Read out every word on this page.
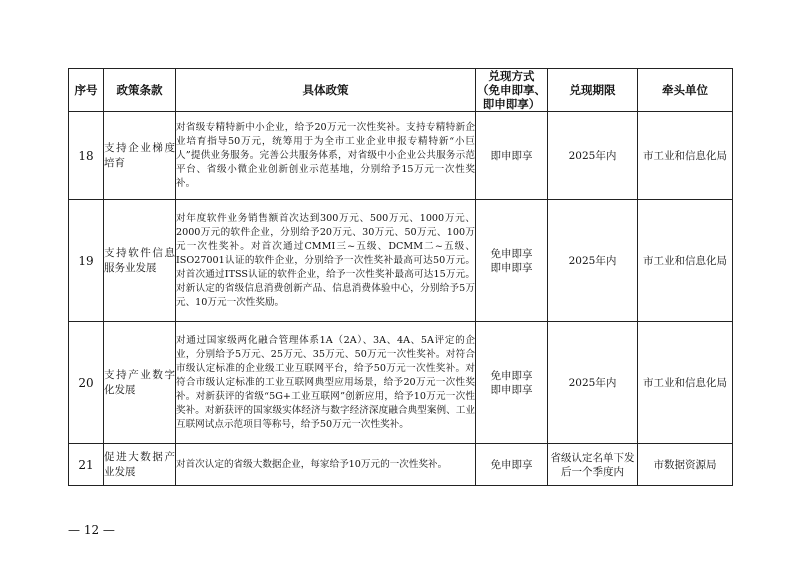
序号	政策条款	具体政策	兑现方式
（免申即享、
即申即享）	兑现期限	牵头单位
18	支持企业梯度培育	对省级专精特新中小企业，给予20万元一次性奖补。支持专精特新企业培育指导50万元，统筹用于为全市工业企业申报专精特新“小巨人”提供业务服务。完善公共服务体系，对省级中小企业公共服务示范平台、省级小微企业创新创业示范基地，分别给予15万元一次性奖补。	即申即享	2025年内	市工业和信息化局
19	支持软件信息服务业发展	对年度软件业务销售额首次达到300万元、500万元、1000万元、2000万元的软件企业，分别给予20万元、30万元、50万元、100万元一次性奖补。对首次通过CMMI三~五级、DCMM二~五级、ISO27001认证的软件企业，分别给予一次性奖补最高可达50万元。对首次通过ITSS认证的软件企业，给予一次性奖补最高可达15万元。对新认定的省级信息消费创新产品、信息消费体验中心，分别给予5万元、10万元一次性奖励。	免申即享
即申即享	2025年内	市工业和信息化局
20	支持产业数字化发展	对通过国家级两化融合管理体系1A（2A）、3A、4A、5A评定的企业，分别给予5万元、25万元、35万元、50万元一次性奖补。对符合市级认定标准的企业级工业互联网平台，给予50万元一次性奖补。对符合市级认定标准的工业互联网典型应用场景，给予20万元一次性奖补。对新获评的省级“5G+工业互联网”创新应用，给予10万元一次性奖补。对新获评的国家级实体经济与数字经济深度融合典型案例、工业互联网试点示范项目等称号，给予50万元一次性奖补。	免申即享
即申即享	2025年内	市工业和信息化局
21	促进大数据产业发展	对首次认定的省级大数据企业，每家给予10万元的一次性奖补。	免申即享	省级认定名单下发后一个季度内	市数据资源局
— 12 —
